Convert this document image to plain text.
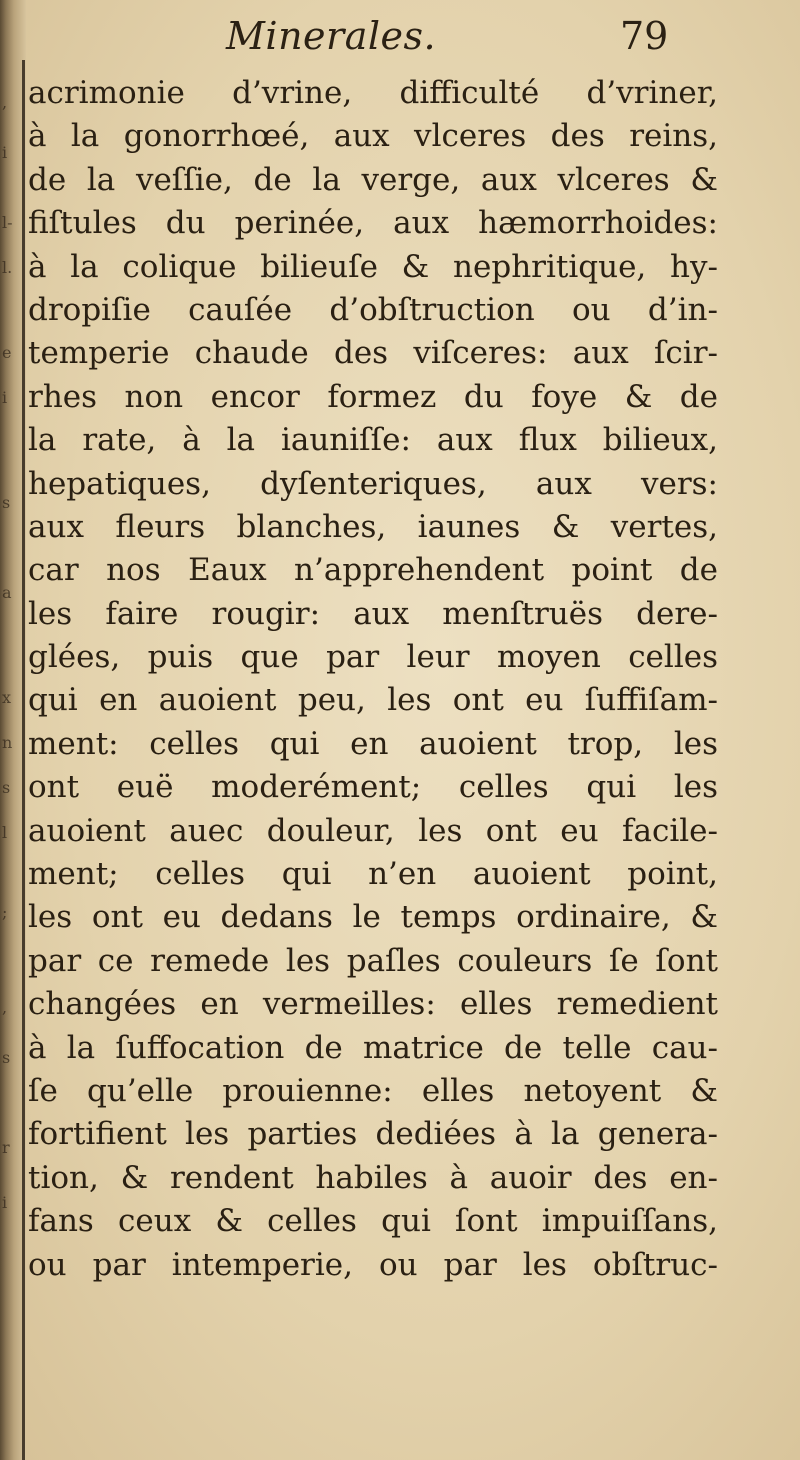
,
i
l-
l.
e
i
s
a
x
n
s
l
;
,
s
r
i
Minerales.	79
acrimonie d’vrine, difficulté d’vriner,
à la gonorrhœé, aux vlceres des reins,
de la veſſie, de la verge, aux vlceres &
fiſtules du perinée, aux hæmorrhoides:
à la colique bilieuſe & nephritique, hy-
dropiſie cauſée d’obſtruction ou d’in-
temperie chaude des viſceres: aux ſcir-
rhes non encor formez du foye & de
la rate, à la iauniſſe: aux flux bilieux,
hepatiques, dyſenteriques, aux vers:
aux fleurs blanches, iaunes & vertes,
car nos Eaux n’apprehendent point de
les faire rougir: aux menſtruës dere-
glées, puis que par leur moyen celles
qui en auoient peu, les ont eu ſuffiſam-
ment: celles qui en auoient trop, les
ont euë moderément; celles qui les
auoient auec douleur, les ont eu facile-
ment; celles qui n’en auoient point,
les ont eu dedans le temps ordinaire, &
par ce remede les paſles couleurs ſe ſont
changées en vermeilles: elles remedient
à la ſuffocation de matrice de telle cau-
ſe qu’elle prouienne: elles netoyent &
fortifient les parties dediées à la genera-
tion, & rendent habiles à auoir des en-
fans ceux & celles qui ſont impuiſſans,
ou par intemperie, ou par les obſtruc-
